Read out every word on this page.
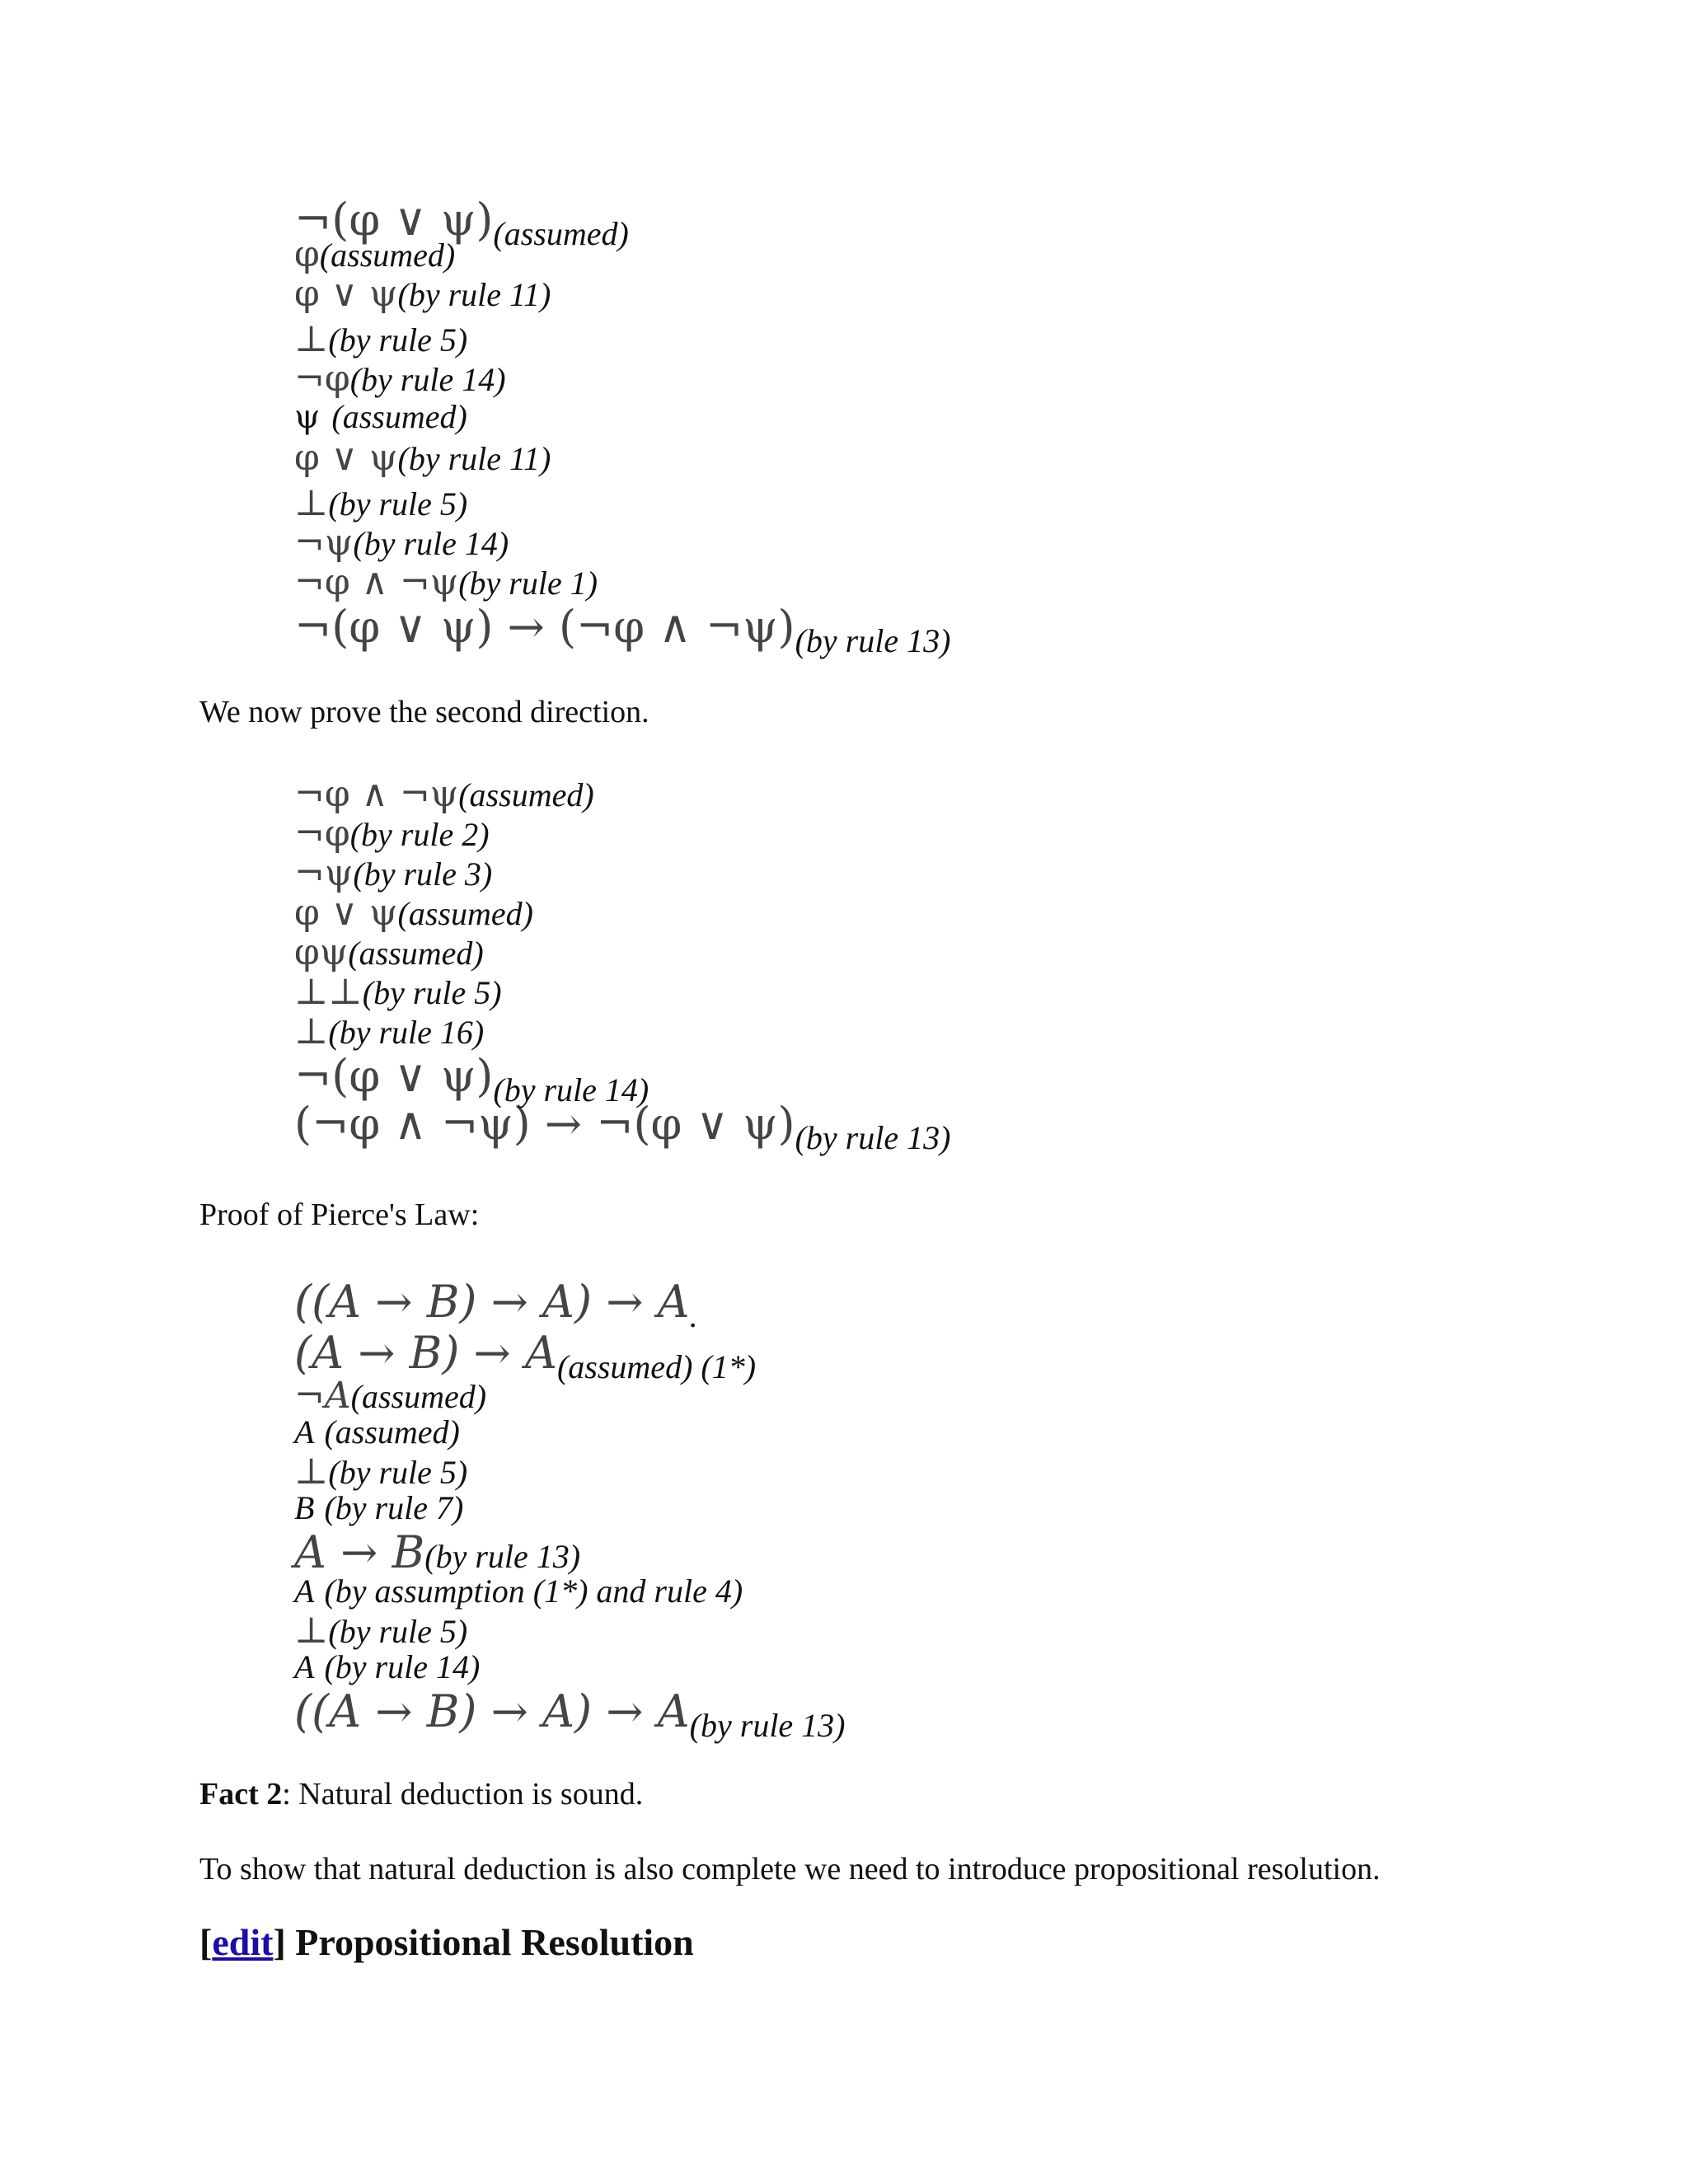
¬(φ ∨ ψ) (assumed)
φ (assumed)
φ ∨ ψ (by rule 11)
⊥ (by rule 5)
¬φ (by rule 14)
ψ (assumed)
φ ∨ ψ (by rule 11)
⊥ (by rule 5)
¬ψ (by rule 14)
¬φ ∧ ¬ψ (by rule 1)
¬(φ ∨ ψ) → (¬φ ∧ ¬ψ) (by rule 13)
We now prove the second direction.
¬φ ∧ ¬ψ (assumed)
¬φ (by rule 2)
¬ψ (by rule 3)
φ ∨ ψ (assumed)
φψ (assumed)
⊥⊥ (by rule 5)
⊥ (by rule 16)
¬(φ ∨ ψ) (by rule 14)
(¬φ ∧ ¬ψ) → ¬(φ ∨ ψ) (by rule 13)
Proof of Pierce's Law:
((A → B) → A) → A .
(A → B) → A (assumed) (1*)
¬A (assumed)
A (assumed)
⊥ (by rule 5)
B (by rule 7)
A → B (by rule 13)
A (by assumption (1*) and rule 4)
⊥ (by rule 5)
A (by rule 14)
((A → B) → A) → A (by rule 13)
Fact 2: Natural deduction is sound.
To show that natural deduction is also complete we need to introduce propositional resolution.
[edit] Propositional Resolution
